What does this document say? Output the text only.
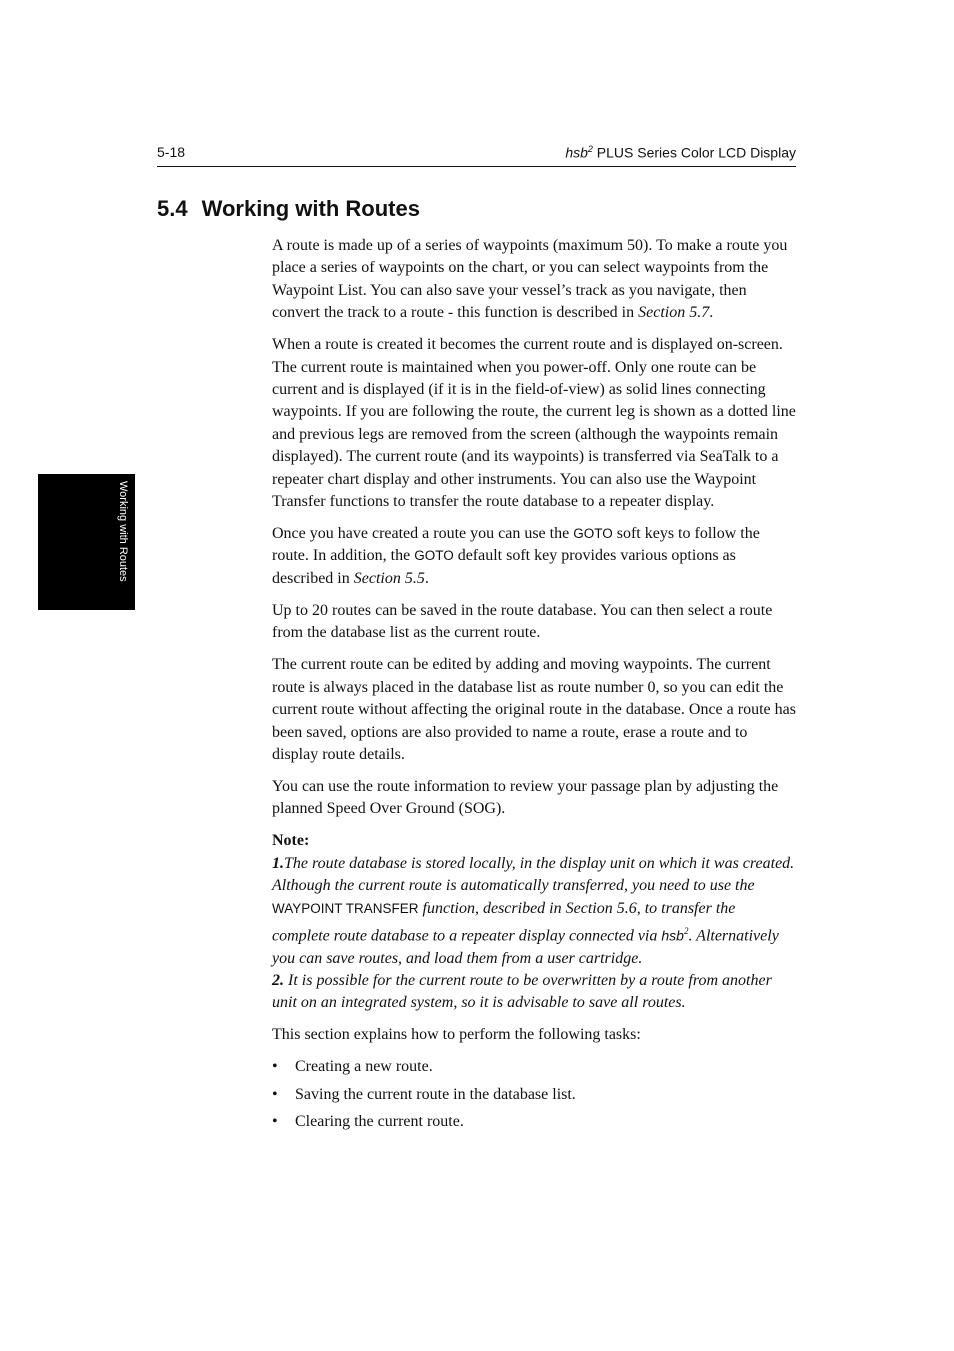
5-18	hsb$^2$ PLUS Series Color LCD Display
5.4 Working with Routes
Working with Routes

A route is made up of a series of waypoints (maximum 50). To make a route you place a series of waypoints on the chart, or you can select waypoints from the Waypoint List. You can also save your vessel’s track as you navigate, then convert the track to a route - this function is described in Section 5.7.

When a route is created it becomes the current route and is displayed on-screen. The current route is maintained when you power-off. Only one route can be current and is displayed (if it is in the field-of-view) as solid lines connecting waypoints. If you are following the route, the current leg is shown as a dotted line and previous legs are removed from the screen (although the waypoints remain displayed). The current route (and its waypoints) is transferred via SeaTalk to a repeater chart display and other instruments. You can also use the Waypoint Transfer functions to transfer the route database to a repeater display.

Once you have created a route you can use the GOTO soft keys to follow the route. In addition, the GOTO default soft key provides various options as described in Section 5.5.

Up to 20 routes can be saved in the route database. You can then select a route from the database list as the current route.

The current route can be edited by adding and moving waypoints. The current route is always placed in the database list as route number 0, so you can edit the current route without affecting the original route in the database. Once a route has been saved, options are also provided to name a route, erase a route and to display route details.

You can use the route information to review your passage plan by adjusting the planned Speed Over Ground (SOG).

Note:

1.The route database is stored locally, in the display unit on which it was created. Although the current route is automatically transferred, you need to use the WAYPOINT TRANSFER function, described in Section 5.6, to transfer the complete route database to a repeater display connected via hsb$^2$. Alternatively you can save routes, and load them from a user cartridge.

2. It is possible for the current route to be overwritten by a route from another unit on an integrated system, so it is advisable to save all routes.

This section explains how to perform the following tasks:

• Creating a new route.
• Saving the current route in the database list.
• Clearing the current route.
